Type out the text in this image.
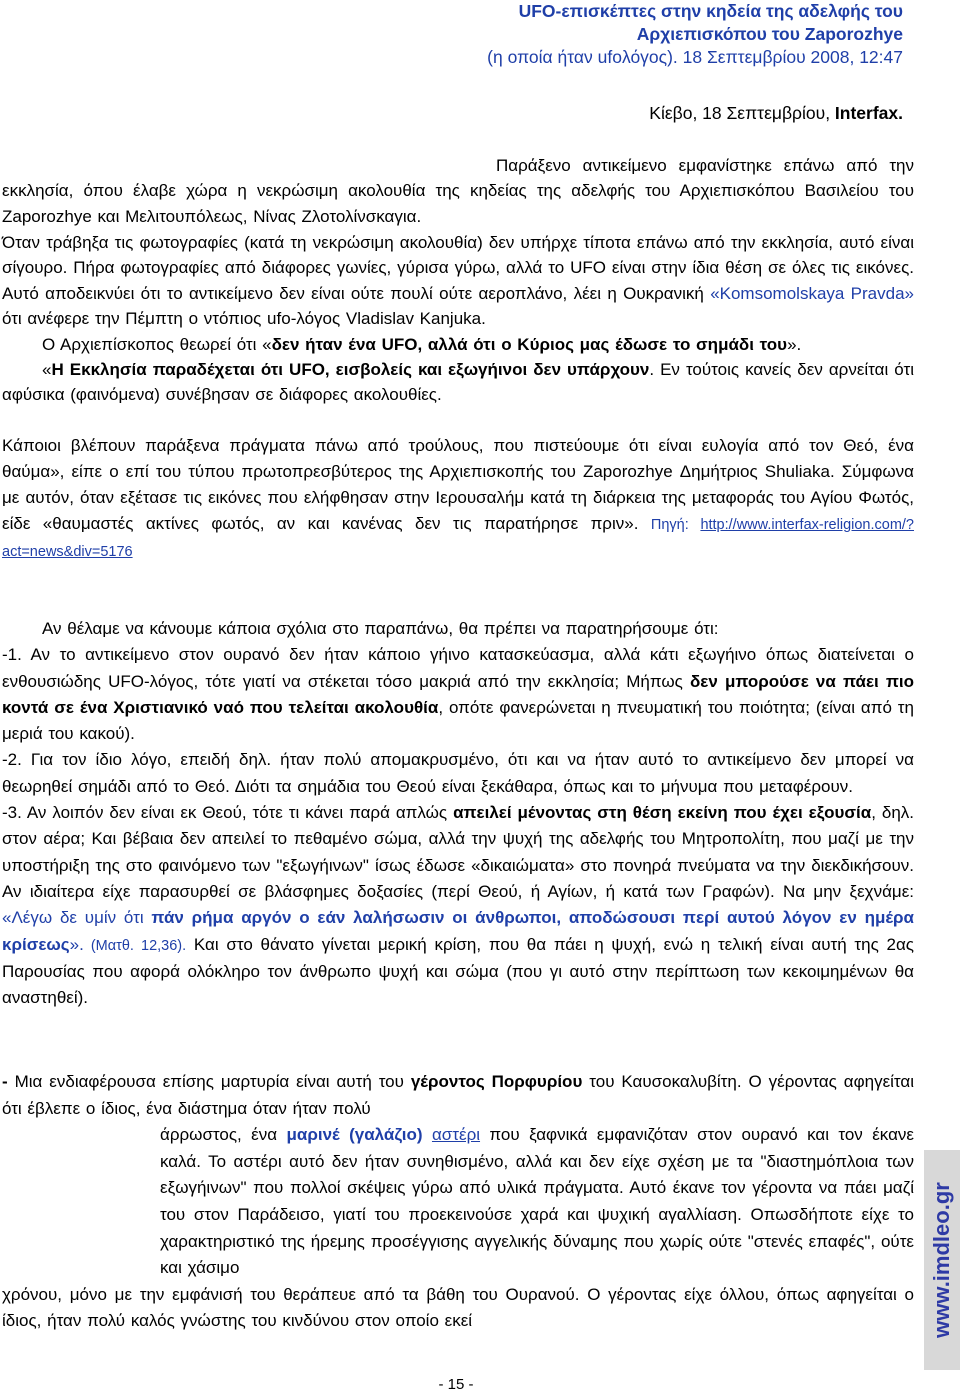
UFO-επισκέπτες στην κηδεία της αδελφής του
Αρχιεπισκόπου του Zaporozhye
(η οποία ήταν ufoλόγος). 18 Σεπτεμβρίου 2008, 12:47
Κίεβο, 18 Σεπτεμβρίου, Interfax.
Παράξενο αντικείμενο εμφανίστηκε επάνω από την εκκλησία, όπου έλαβε χώρα η νεκρώσιμη ακολουθία της κηδείας της αδελφής του Αρχιεπισκόπου Βασιλείου του Zaporozhye και Μελιτουπόλεως, Νίνας Ζλοτολίνσκαγια.
Όταν τράβηξα τις φωτογραφίες (κατά τη νεκρώσιμη ακολουθία) δεν υπήρχε τίποτα επάνω από την εκκλησία, αυτό είναι σίγουρο. Πήρα φωτογραφίες από διάφορες γωνίες, γύρισα γύρω, αλλά το UFO είναι στην ίδια θέση σε όλες τις εικόνες. Αυτό αποδεικνύει ότι το αντικείμενο δεν είναι ούτε πουλί ούτε αεροπλάνο, λέει η Ουκρανική «Komsomolskaya Pravda» ότι ανέφερε την Πέμπτη ο ντόπιος ufo-λόγος Vladislav Kanjuka.
Ο Αρχιεπίσκοπος θεωρεί ότι «δεν ήταν ένα UFO, αλλά ότι ο Κύριος μας έδωσε το σημάδι του».
«Η Εκκλησία παραδέχεται ότι UFO, εισβολείς και εξωγήινοι δεν υπάρχουν. Εν τούτοις κανείς δεν αρνείται ότι αφύσικα (φαινόμενα) συνέβησαν σε διάφορες ακολουθίες.
Κάποιοι βλέπουν παράξενα πράγματα πάνω από τρούλους, που πιστεύουμε ότι είναι ευλογία από τον Θεό, ένα θαύμα», είπε ο επί του τύπου πρωτοπρεσβύτερος της Αρχιεπισκοπής του Zaporozhye Δημήτριος Shuliaka. Σύμφωνα με αυτόν, όταν εξέτασε τις εικόνες που ελήφθησαν στην Ιερουσαλήμ κατά τη διάρκεια της μεταφοράς του Αγίου Φωτός, είδε «θαυμαστές ακτίνες φωτός, αν και κανένας δεν τις παρατήρησε πριν». Πηγή: http://www.interfax-religion.com/?act=news&div=5176
Αν θέλαμε να κάνουμε κάποια σχόλια στο παραπάνω, θα πρέπει να παρατηρήσουμε ότι:
-1. Αν το αντικείμενο στον ουρανό δεν ήταν κάποιο γήινο κατασκεύασμα, αλλά κάτι εξωγήινο όπως διατείνεται ο ενθουσιώδης UFO-λόγος, τότε γιατί να στέκεται τόσο μακριά από την εκκλησία; Μήπως δεν μπορούσε να πάει πιο κοντά σε ένα Χριστιανικό ναό που τελείται ακολουθία, οπότε φανερώνεται η πνευματική του ποιότητα; (είναι από τη μεριά του κακού).
-2. Για τον ίδιο λόγο, επειδή δηλ. ήταν πολύ απομακρυσμένο, ότι και να ήταν αυτό το αντικείμενο δεν μπορεί να θεωρηθεί σημάδι από το Θεό. Διότι τα σημάδια του Θεού είναι ξεκάθαρα, όπως και το μήνυμα που μεταφέρουν.
-3. Αν λοιπόν δεν είναι εκ Θεού, τότε τι κάνει παρά απλώς απειλεί μένοντας στη θέση εκείνη που έχει εξουσία, δηλ. στον αέρα; Και βέβαια δεν απειλεί το πεθαμένο σώμα, αλλά την ψυχή της αδελφής του Μητροπολίτη, που μαζί με την υποστήριξη της στο φαινόμενο των "εξωγήινων" ίσως έδωσε «δικαιώματα» στο πονηρά πνεύματα να την διεκδικήσουν. Αν ιδιαίτερα είχε παρασυρθεί σε βλάσφημες δοξασίες (περί Θεού, ή Αγίων, ή κατά των Γραφών). Να μην ξεχνάμε: «Λέγω δε υμίν ότι πάν ρήμα αργόν ο εάν λαλήσωσιν οι άνθρωποι, αποδώσουσι περί αυτού λόγον εν ημέρα κρίσεως». (Ματθ. 12,36). Και στο θάνατο γίνεται μερική κρίση, που θα πάει η ψυχή, ενώ η τελική είναι αυτή της 2ας Παρουσίας που αφορά ολόκληρο τον άνθρωπο ψυχή και σώμα (που γι αυτό στην περίπτωση των κεκοιμημένων θα αναστηθεί).
- Μια ενδιαφέρουσα επίσης μαρτυρία είναι αυτή του γέροντος Πορφυρίου του Καυσοκαλυβίτη. Ο γέροντας αφηγείται ότι έβλεπε ο ίδιος, ένα διάστημα όταν ήταν πολύ
άρρωστος, ένα μαρινέ (γαλάζιο) αστέρι που ξαφνικά εμφανιζόταν στον ουρανό και τον έκανε καλά. Το αστέρι αυτό δεν ήταν συνηθισμένο, αλλά και δεν είχε σχέση με τα "διαστημόπλοια των εξωγήινων" που πολλοί σκέψεις γύρω από υλικά πράγματα. Αυτό έκανε τον γέροντα να πάει μαζί του στον Παράδεισο, γιατί του προεκεινούσε χαρά και ψυχική αγαλλίαση. Οπωσδήποτε είχε το χαρακτηριστικό της ήρεμης προσέγγισης αγγελικής δύναμης που χωρίς ούτε "στενές επαφές", ούτε και χάσιμο
χρόνου, μόνο με την εμφάνισή του θεράπευε από τα βάθη του Ουρανού. Ο γέροντας είχε όλλου, όπως αφηγείται ο ίδιος, ήταν πολύ καλός γνώστης του κινδύνου στον οποίο εκεί
- 15 -
www.imdleo.gr
